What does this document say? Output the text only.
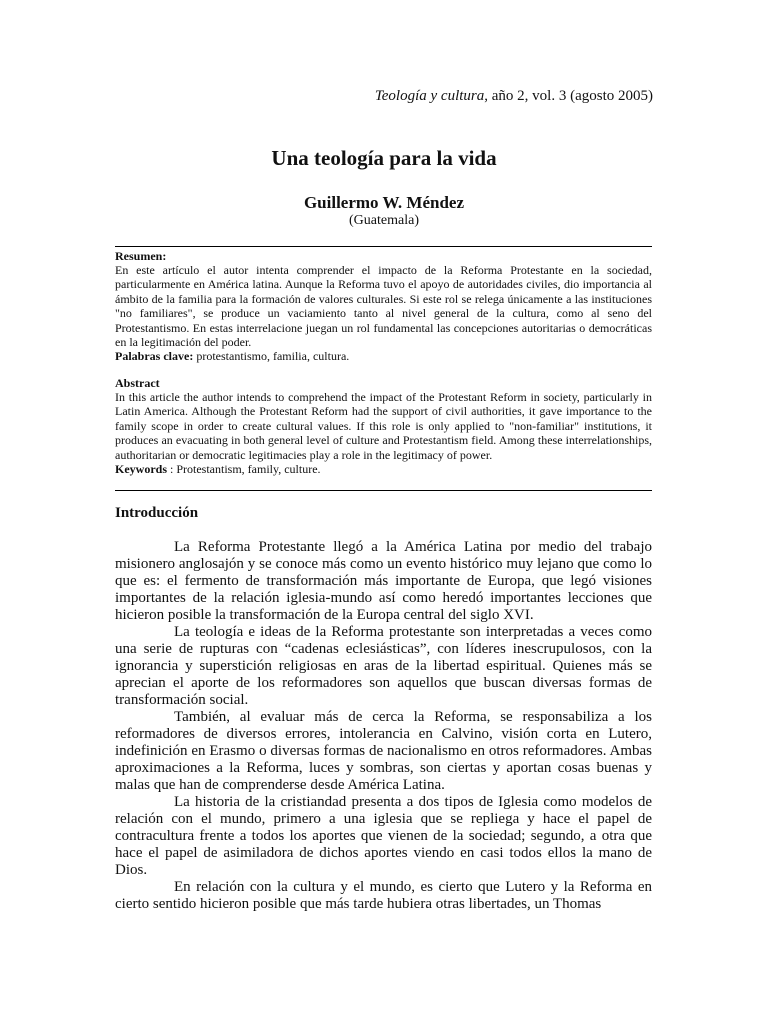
Teología y cultura, año 2, vol. 3 (agosto 2005)
Una teología para la vida
Guillermo W. Méndez
(Guatemala)
Resumen:
En este artículo el autor intenta comprender el impacto de la Reforma Protestante en la sociedad, particularmente en América latina. Aunque la Reforma tuvo el apoyo de autoridades civiles, dio importancia al ámbito de la familia para la formación de valores culturales. Si este rol se relega únicamente a las instituciones "no familiares", se produce un vaciamiento tanto al nivel general de la cultura, como al seno del Protestantismo. En estas interrelacione juegan un rol fundamental las concepciones autoritarias o democráticas en la legitimación del poder.
Palabras clave: protestantismo, familia, cultura.
Abstract
In this article the author intends to comprehend the impact of the Protestant Reform in society, particularly in Latin America. Although the Protestant Reform had the support of civil authorities, it gave importance to the family scope in order to create cultural values. If this role is only applied to "non-familiar" institutions, it produces an evacuating in both general level of culture and Protestantism field. Among these interrelationships, authoritarian or democratic legitimacies play a role in the legitimacy of power.
Keywords : Protestantism, family, culture.
Introducción

La Reforma Protestante llegó a la América Latina por medio del trabajo misionero anglosajón y se conoce más como un evento histórico muy lejano que como lo que es: el fermento de transformación más importante de Europa, que legó visiones importantes de la relación iglesia-mundo así como heredó importantes lecciones que hicieron posible la transformación de la Europa central del siglo XVI.

La teología e ideas de la Reforma protestante son interpretadas a veces como una serie de rupturas con “cadenas eclesiásticas”, con líderes inescrupulosos, con la ignorancia y superstición religiosas en aras de la libertad espiritual. Quienes más se aprecian el aporte de los reformadores son aquellos que buscan diversas formas de transformación social.

También, al evaluar más de cerca la Reforma, se responsabiliza a los reformadores de diversos errores, intolerancia en Calvino, visión corta en Lutero, indefinición en Erasmo o diversas formas de nacionalismo en otros reformadores. Ambas aproximaciones a la Reforma, luces y sombras, son ciertas y aportan cosas buenas y malas que han de comprenderse desde América Latina.

La historia de la cristiandad presenta a dos tipos de Iglesia como modelos de relación con el mundo, primero a una iglesia que se repliega y hace el papel de contracultura frente a todos los aportes que vienen de la sociedad; segundo, a otra que hace el papel de asimiladora de dichos aportes viendo en casi todos ellos la mano de Dios.

En relación con la cultura y el mundo, es cierto que Lutero y la Reforma en cierto sentido hicieron posible que más tarde hubiera otras libertades, un Thomas
